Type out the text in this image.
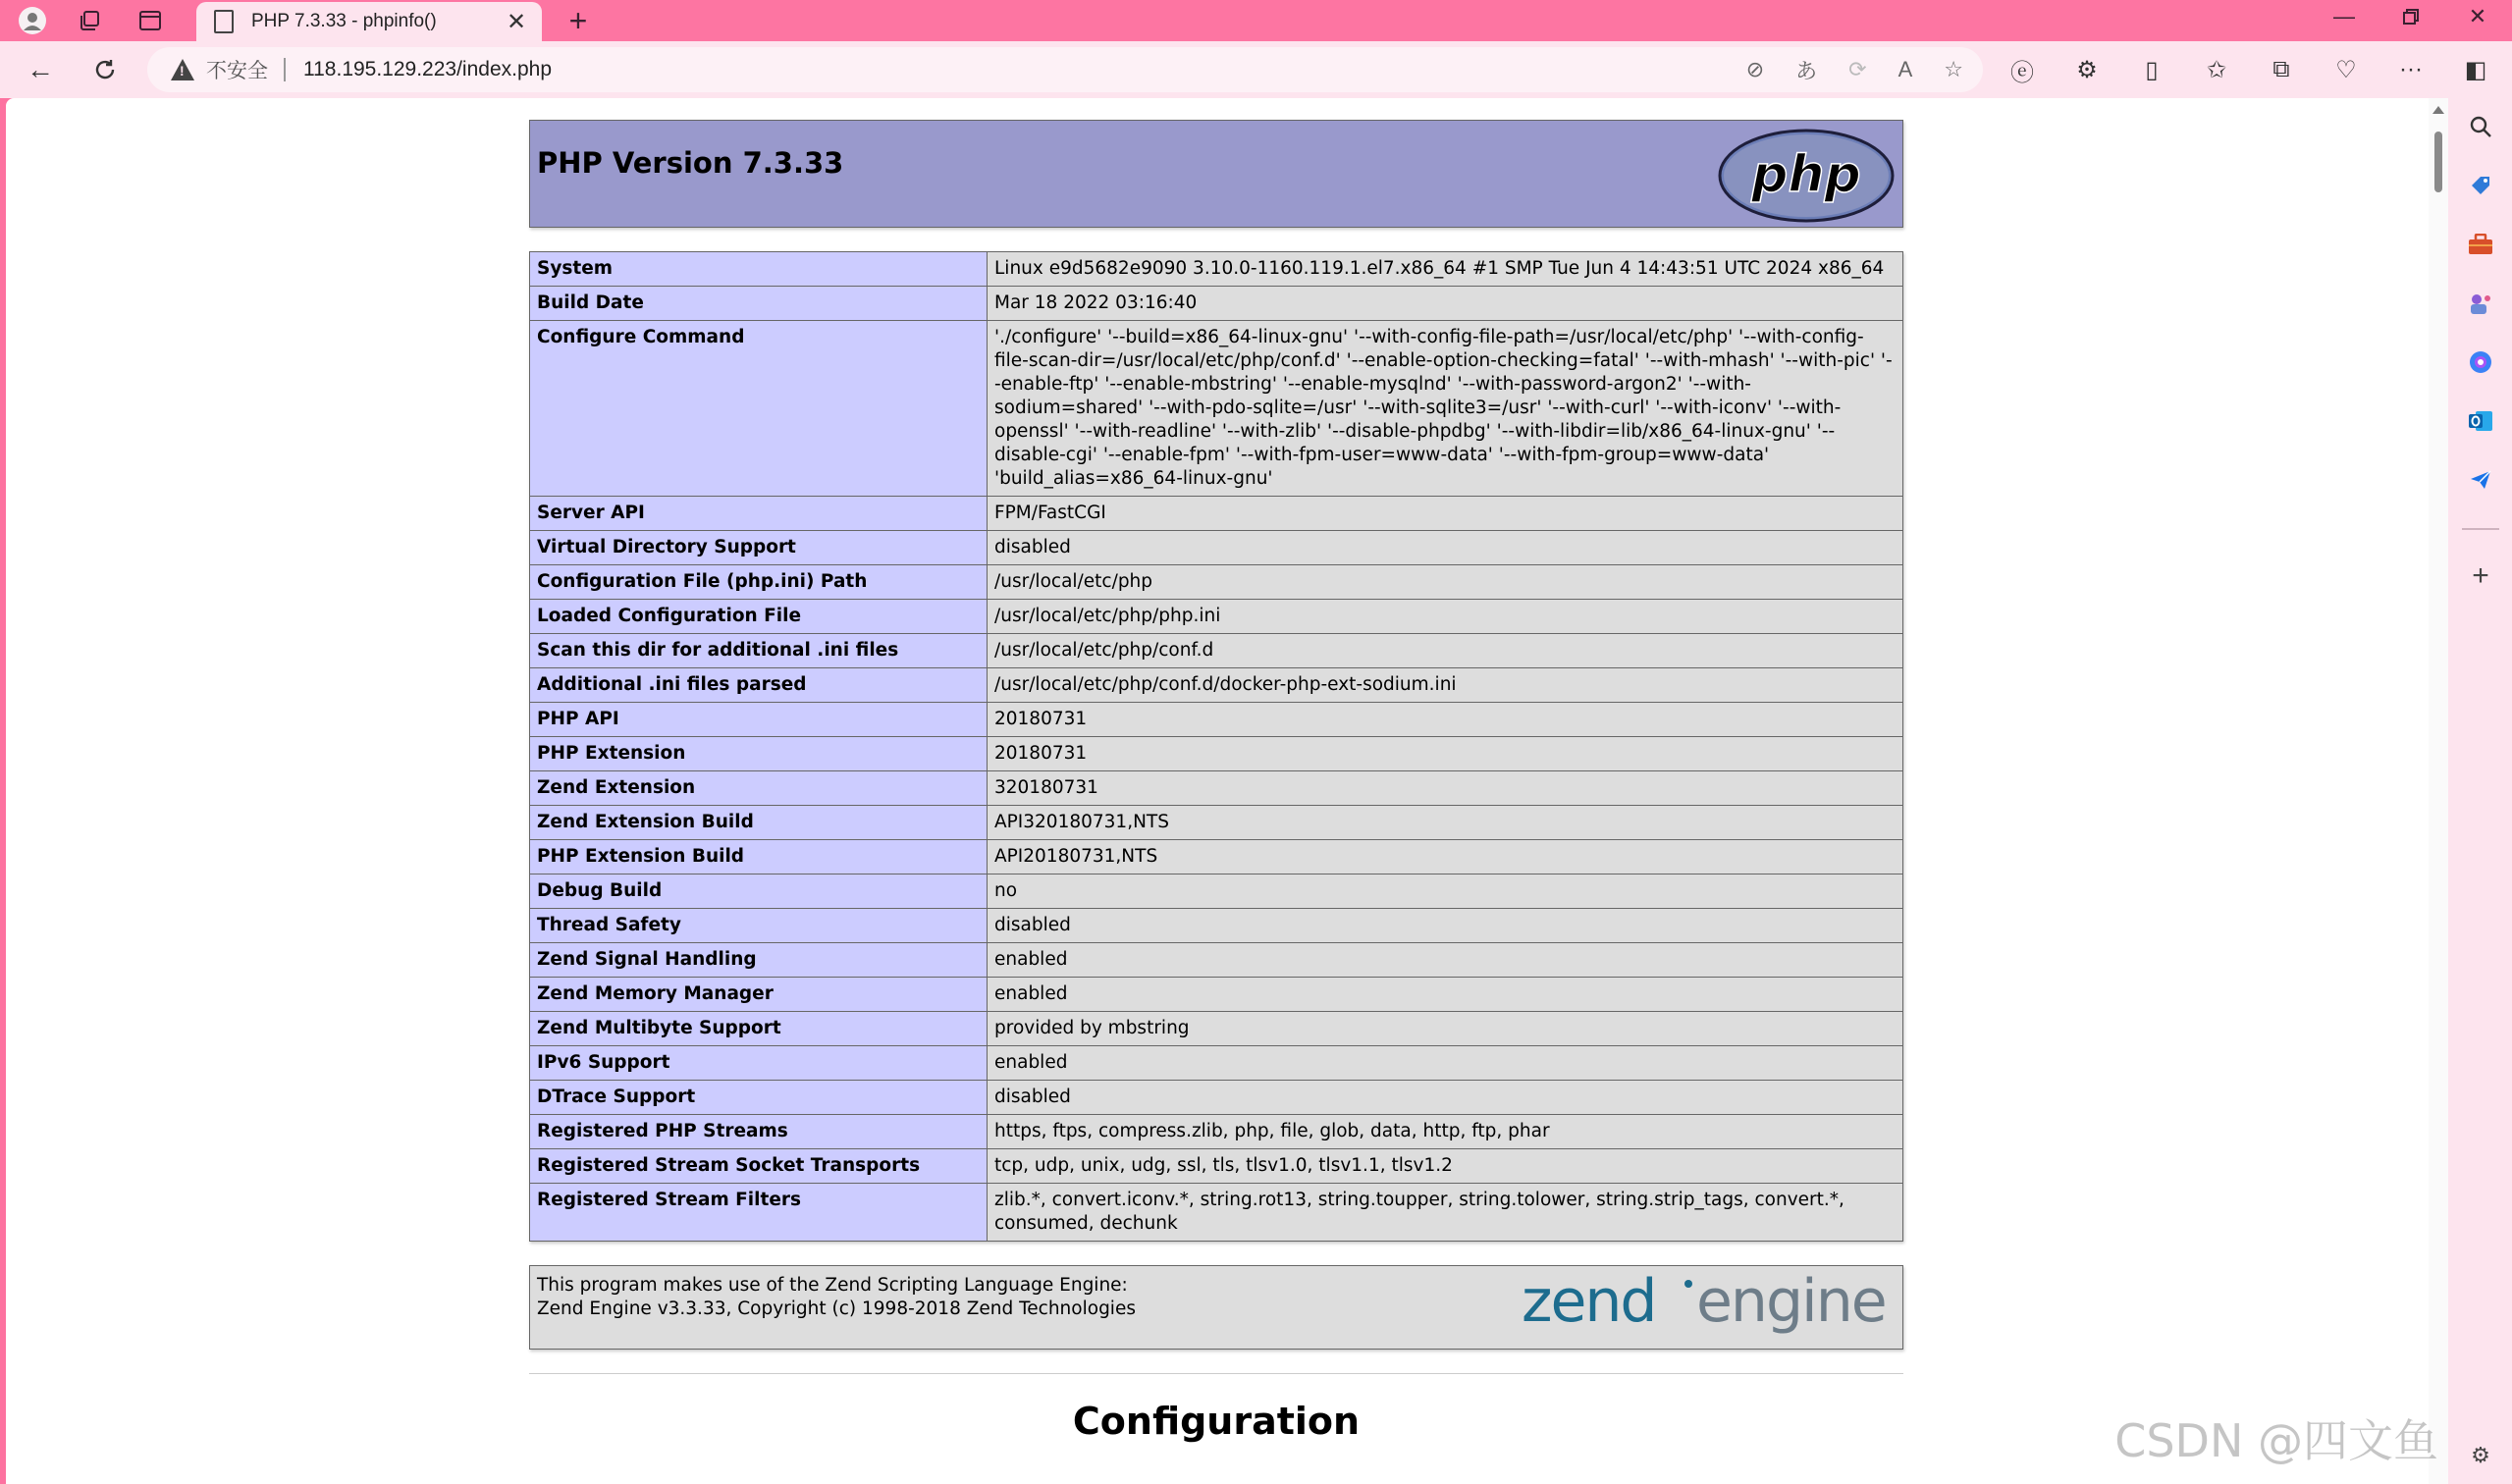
PHP 7.3.33 - phpinfo()	✕ +	—	✕
← !	不安全 118.195.129.223/index.php	⊘ あ ⟳ A ☆	ⓔ	⚙	▯	✩	⧉	♡	···	◧
PHP Version 7.3.33	php
System	Linux e9d5682e9090 3.10.0-1160.119.1.el7.x86_64 #1 SMP Tue Jun 4 14:43:51 UTC 2024 x86_64
Build Date	Mar 18 2022 03:16:40
Configure Command	'./configure' '--build=x86_64-linux-gnu' '--with-config-file-path=/usr/local/etc/php' '--with-config-file-scan-dir=/usr/local/etc/php/conf.d' '--enable-option-checking=fatal' '--with-mhash' '--with-pic' '--enable-ftp' '--enable-mbstring' '--enable-mysqlnd' '--with-password-argon2' '--with-sodium=shared' '--with-pdo-sqlite=/usr' '--with-sqlite3=/usr' '--with-curl' '--with-iconv' '--with-openssl' '--with-readline' '--with-zlib' '--disable-phpdbg' '--with-libdir=lib/x86_64-linux-gnu' '--disable-cgi' '--enable-fpm' '--with-fpm-user=www-data' '--with-fpm-group=www-data' 'build_alias=x86_64-linux-gnu'
Server API	FPM/FastCGI
Virtual Directory Support	disabled
Configuration File (php.ini) Path	/usr/local/etc/php
Loaded Configuration File	/usr/local/etc/php/php.ini
Scan this dir for additional .ini files	/usr/local/etc/php/conf.d
Additional .ini files parsed	/usr/local/etc/php/conf.d/docker-php-ext-sodium.ini
PHP API	20180731
PHP Extension	20180731
Zend Extension	320180731
Zend Extension Build	API320180731,NTS
PHP Extension Build	API20180731,NTS
Debug Build	no
Thread Safety	disabled
Zend Signal Handling	enabled
Zend Memory Manager	enabled
Zend Multibyte Support	provided by mbstring
IPv6 Support	enabled
DTrace Support	disabled
Registered PHP Streams	https, ftps, compress.zlib, php, file, glob, data, http, ftp, phar
Registered Stream Socket Transports	tcp, udp, unix, udg, ssl, tls, tlsv1.0, tlsv1.1, tlsv1.2
Registered Stream Filters	zlib.*, convert.iconv.*, string.rot13, string.toupper, string.tolower, string.strip_tags, convert.*, consumed, dechunk
This program makes use of the Zend Scripting Language Engine:
Zend Engine v3.3.33, Copyright (c) 1998-2018 Zend Technologies	zend engine
Configuration	CSDN @四文鱼
+
⚙
